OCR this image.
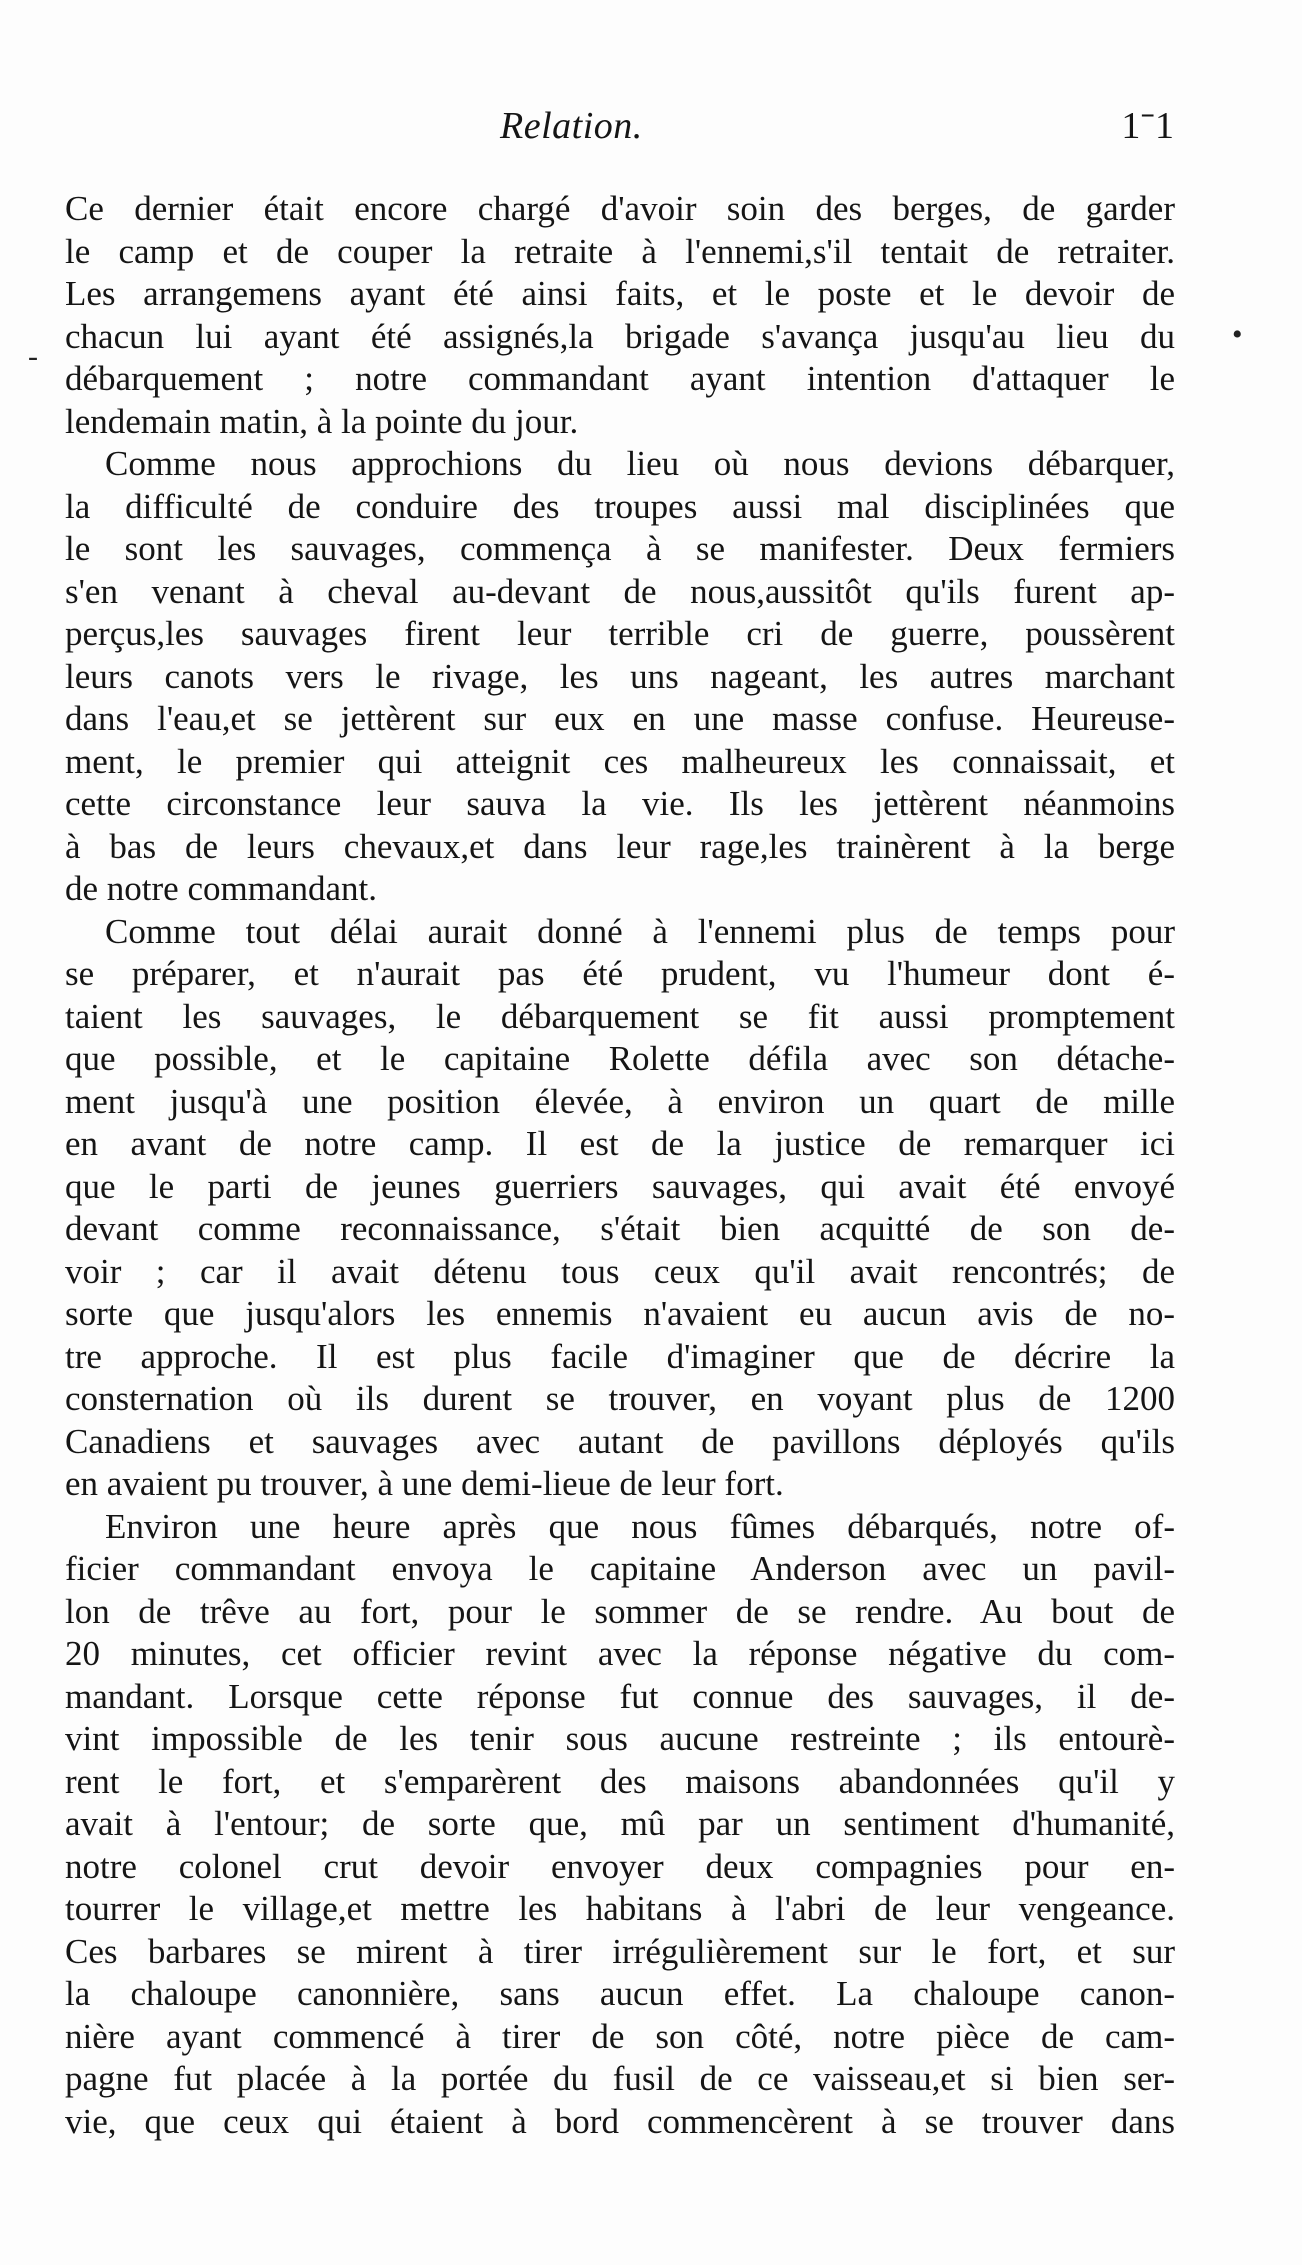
Relation.	1ˉ1
•
-
Ce dernier était encore chargé d'avoir soin des berges, de garder
le camp et de couper la retraite à l'ennemi,s'il tentait de retraiter.
Les arrangemens ayant été ainsi faits, et le poste et le devoir de
chacun lui ayant été assignés,la brigade s'avança jusqu'au lieu du
débarquement ; notre commandant ayant intention d'attaquer le
lendemain matin, à la pointe du jour.
Comme nous approchions du lieu où nous devions débarquer,
la difficulté de conduire des troupes aussi mal disciplinées que
le sont les sauvages, commença à se manifester. Deux fermiers
s'en venant à cheval au-devant de nous,aussitôt qu'ils furent ap-
perçus,les sauvages firent leur terrible cri de guerre, poussèrent
leurs canots vers le rivage, les uns nageant, les autres marchant
dans l'eau,et se jettèrent sur eux en une masse confuse. Heureuse-
ment, le premier qui atteignit ces malheureux les connaissait, et
cette circonstance leur sauva la vie. Ils les jettèrent néanmoins
à bas de leurs chevaux,et dans leur rage,les trainèrent à la berge
de notre commandant.
Comme tout délai aurait donné à l'ennemi plus de temps pour
se préparer, et n'aurait pas été prudent, vu l'humeur dont é-
taient les sauvages, le débarquement se fit aussi promptement
que possible, et le capitaine Rolette défila avec son détache-
ment jusqu'à une position élevée, à environ un quart de mille
en avant de notre camp. Il est de la justice de remarquer ici
que le parti de jeunes guerriers sauvages, qui avait été envoyé
devant comme reconnaissance, s'était bien acquitté de son de-
voir ; car il avait détenu tous ceux qu'il avait rencontrés; de
sorte que jusqu'alors les ennemis n'avaient eu aucun avis de no-
tre approche. Il est plus facile d'imaginer que de décrire la
consternation où ils durent se trouver, en voyant plus de 1200
Canadiens et sauvages avec autant de pavillons déployés qu'ils
en avaient pu trouver, à une demi-lieue de leur fort.
Environ une heure après que nous fûmes débarqués, notre of-
ficier commandant envoya le capitaine Anderson avec un pavil-
lon de trêve au fort, pour le sommer de se rendre. Au bout de
20 minutes, cet officier revint avec la réponse négative du com-
mandant. Lorsque cette réponse fut connue des sauvages, il de-
vint impossible de les tenir sous aucune restreinte ; ils entourè-
rent le fort, et s'emparèrent des maisons abandonnées qu'il y
avait à l'entour; de sorte que, mû par un sentiment d'humanité,
notre colonel crut devoir envoyer deux compagnies pour en-
tourrer le village,et mettre les habitans à l'abri de leur vengeance.
Ces barbares se mirent à tirer irrégulièrement sur le fort, et sur
la chaloupe canonnière, sans aucun effet. La chaloupe canon-
nière ayant commencé à tirer de son côté, notre pièce de cam-
pagne fut placée à la portée du fusil de ce vaisseau,et si bien ser-
vie, que ceux qui étaient à bord commencèrent à se trouver dans
